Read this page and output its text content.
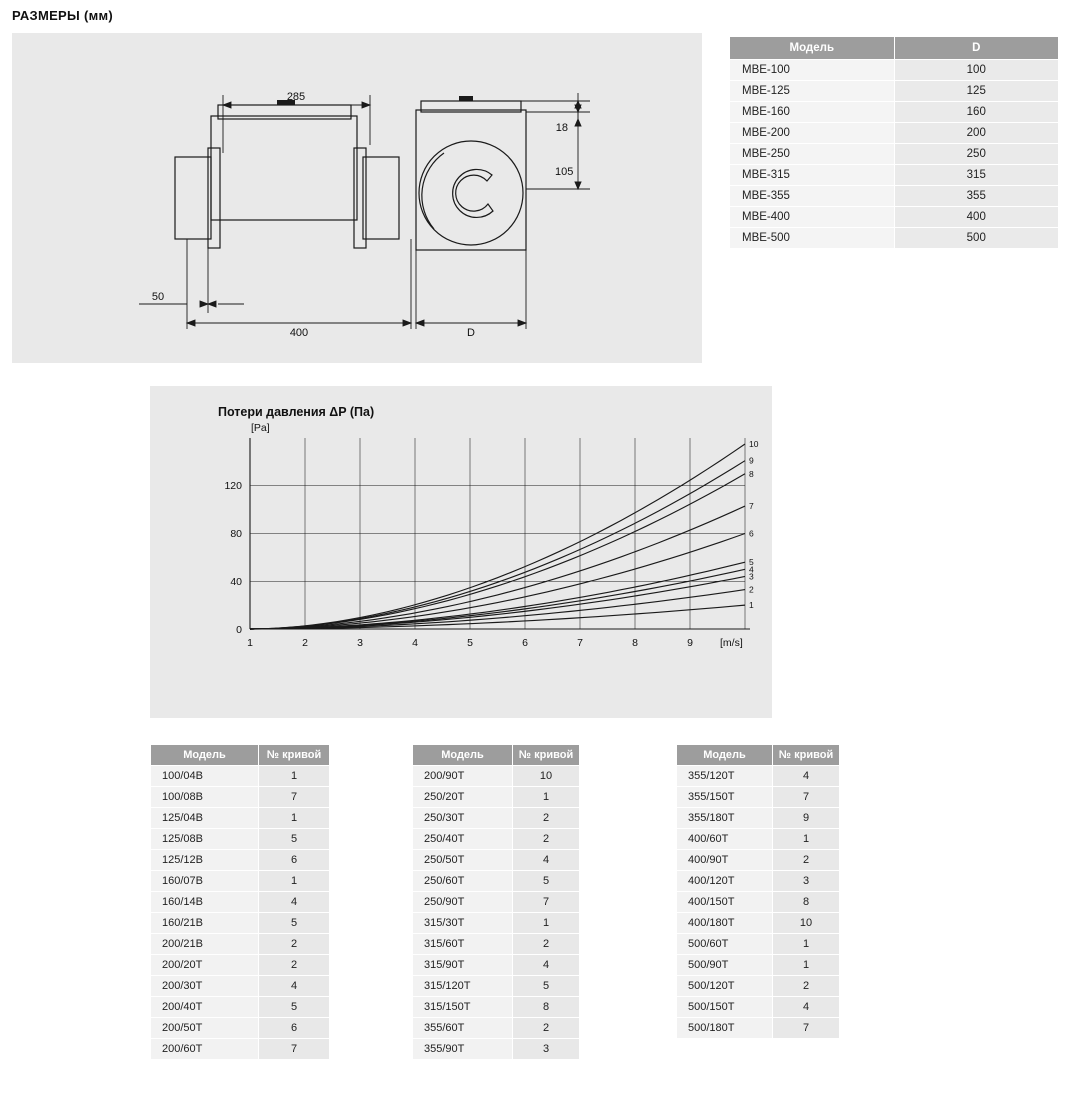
РАЗМЕРЫ (мм)
285
400
50
18
105
D
Модель	D
MBE-100	100
MBE-125	125
MBE-160	160
MBE-200	200
MBE-250	250
MBE-315	315
MBE-355	355
MBE-400	400
MBE-500	500
Потери давления ΔP (Па)
0
40
80
120
[Pa]
1	2	3	4	5	6	7	8	9	[m/s]
1
2
3
4
5
6
7
8
9
10
Модель	№ кривой
100/04B	1
100/08B	7
125/04B	1
125/08B	5
125/12B	6
160/07B	1
160/14B	4
160/21B	5
200/21B	2
200/20T	2
200/30T	4
200/40T	5
200/50T	6
200/60T	7
Модель	№ кривой
200/90T	10
250/20T	1
250/30T	2
250/40T	2
250/50T	4
250/60T	5
250/90T	7
315/30T	1
315/60T	2
315/90T	4
315/120T	5
315/150T	8
355/60T	2
355/90T	3
Модель	№ кривой
355/120T	4
355/150T	7
355/180T	9
400/60T	1
400/90T	2
400/120T	3
400/150T	8
400/180T	10
500/60T	1
500/90T	1
500/120T	2
500/150T	4
500/180T	7
